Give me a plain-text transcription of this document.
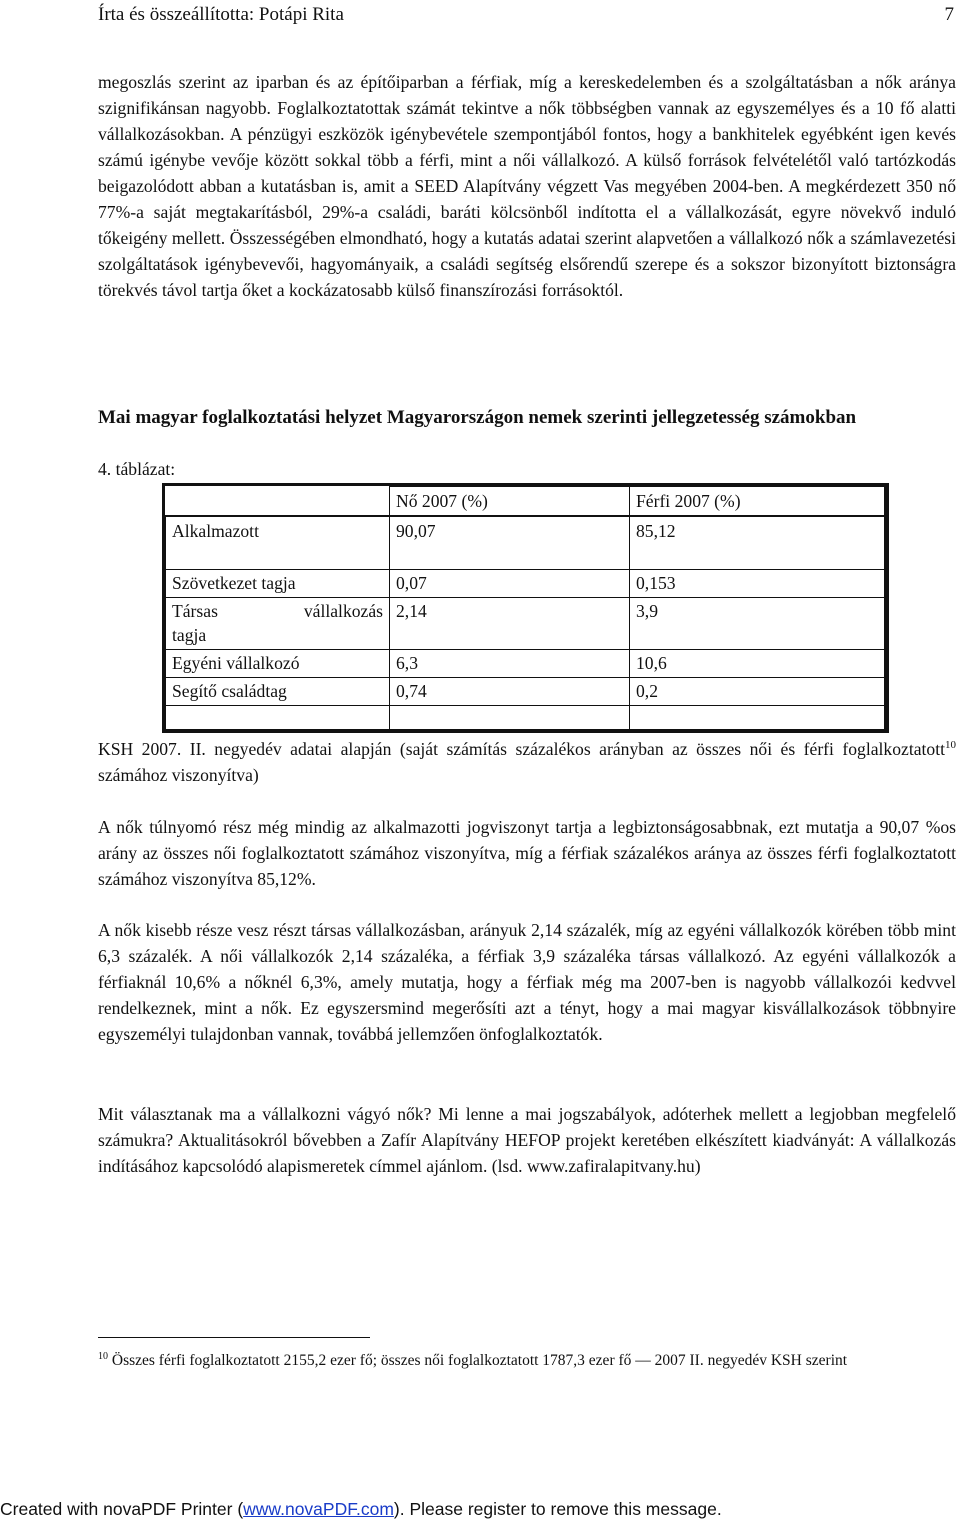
Írta és összeállította: Potápi Rita	7

megoszlás szerint az iparban és az építőiparban a férfiak, míg a kereskedelemben és a szolgáltatásban a nők aránya szignifikánsan nagyobb. Foglalkoztatottak számát tekintve a nők többségben vannak az egyszemélyes és a 10 fő alatti vállalkozásokban. A pénzügyi eszközök igénybevétele szempontjából fontos, hogy a bankhitelek egyébként igen kevés számú igénybe vevője között sokkal több a férfi, mint a női vállalkozó. A külső források felvételétől való tartózkodás beigazolódott abban a kutatásban is, amit a SEED Alapítvány végzett Vas megyében 2004-ben. A megkérdezett 350 nő 77%-a saját megtakarításból, 29%-a családi, baráti kölcsönből indította el a vállalkozását, egyre növekvő induló tőkeigény mellett. Összességében elmondható, hogy a kutatás adatai szerint alapvetően a vállalkozó nők a számlavezetési szolgáltatások igénybevevői, hagyományaik, a családi segítség elsőrendű szerepe és a sokszor bizonyított biztonságra törekvés távol tartja őket a kockázatosabb külső finanszírozási forrásoktól.

Mai magyar foglalkoztatási helyzet Magyarországon nemek szerinti jellegzetesség számokban
4. táblázat:
	Nő 2007 (%)	Férfi 2007 (%)
Alkalmazott	90,07	85,12
Szövetkezet tagja	0,07	0,153

Társas vállalkozás
tagja	2,14	3,9
Egyéni vállalkozó	6,3	10,6
Segítő családtag	0,74	0,2

KSH 2007. II. negyedév adatai alapján (saját számítás százalékos arányban az összes női és férfi foglalkoztatott$^{10}$ számához viszonyítva)

A nők túlnyomó rész még mindig az alkalmazotti jogviszonyt tartja a legbiztonságosabbnak, ezt mutatja a 90,07 %os arány az összes női foglalkoztatott számához viszonyítva, míg a férfiak százalékos aránya az összes férfi foglalkoztatott számához viszonyítva 85,12%.

A nők kisebb része vesz részt társas vállalkozásban, arányuk 2,14 százalék, míg az egyéni vállalkozók körében több mint 6,3 százalék. A női vállalkozók 2,14 százaléka, a férfiak 3,9 százaléka társas vállalkozó. Az egyéni vállalkozók a férfiaknál 10,6% a nőknél 6,3%, amely mutatja, hogy a férfiak még ma 2007-ben is nagyobb vállalkozói kedvvel rendelkeznek, mint a nők. Ez egyszersmind megerősíti azt a tényt, hogy a mai magyar kisvállalkozások többnyire egyszemélyi tulajdonban vannak, továbbá jellemzően önfoglalkoztatók.

Mit választanak ma a vállalkozni vágyó nők? Mi lenne a mai jogszabályok, adóterhek mellett a legjobban megfelelő számukra? Aktualitásokról bővebben a Zafír Alapítvány HEFOP projekt keretében elkészített kiadványát: A vállalkozás indításához kapcsolódó alapismeretek címmel ajánlom. (lsd. www.zafiralapitvany.hu)

$^{10}$ Összes férfi foglalkoztatott 2155,2 ezer fő; összes női foglalkoztatott 1787,3 ezer fő — 2007 II. negyedév KSH szerint
Created with novaPDF Printer (www.novaPDF.com). Please register to remove this message.
